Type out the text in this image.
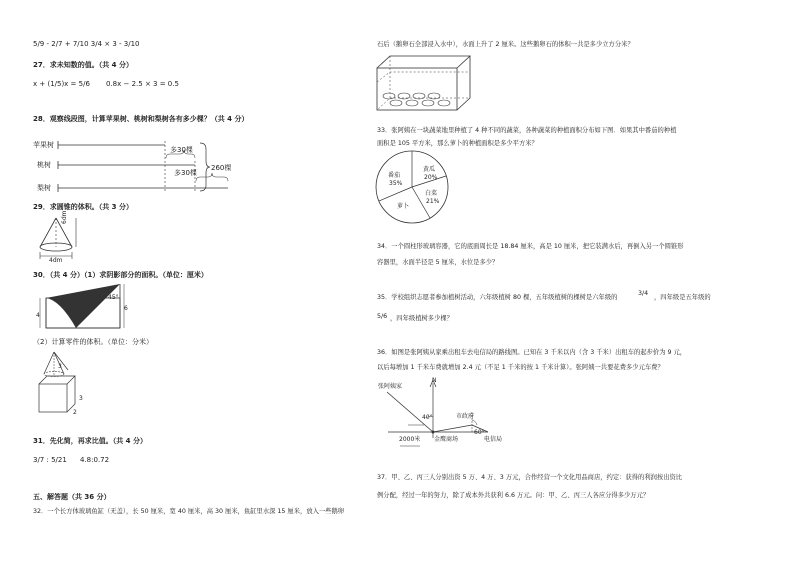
5/9 - 2/7 + 7/10 3/4 × 3 - 3/10
27．求未知数的值。（共 4 分）
x + (1/5)x = 5/6 0.8x − 2.5 × 3 = 0.5
28．观察线段图，计算苹果树、桃树和梨树各有多少棵？（共 4 分）
苹果树
桃树
梨树
多30棵
多30棵
260棵
29．求圆锥的体积。（共 3 分）
6dm
4dm
30．（共 4 分）（1）求阴影部分的面积。（单位：厘米）
4
6
45°
（2）计算零件的体积。（单位：分米）
3
3
2
31．先化简，再求比值。（共 4 分）
3/7 : 5/21 4.8:0.72
五、解答题（共 36 分）
32．一个长方体玻璃鱼缸（无盖），长 50 厘米，宽 40 厘米，高 30 厘米，鱼缸里水深 15 厘米，放入一些鹅卵
石后（鹅卵石全部浸入水中），水面上升了 2 厘米。这些鹅卵石的体积一共是多少立方分米？
33．张阿姨在一块蔬菜地里种植了 4 种不同的蔬菜，各种蔬菜的种植面积分布如下图．如果其中番茄的种植
面积是 105 平方米，那么萝卜的种植面积是多少平方米？
番茄
35%
黄瓜
20%
白菜
21%
萝卜
34．一个圆柱形玻璃容器，它的底面周长是 18.84 厘米，高是 10 厘米，把它装满水后，再倒入另一个圆锥形
容器里，水面半径是 5 厘米，水位是多少？
35．学校组织志愿者参加植树活动，六年级植树 80 棵，五年级植树的棵树是六年级的
3/4
，四年级是五年级的
5/6 ，四年级植树多少棵？
36．如图是张阿姨从家乘出租车去电信局的路线图。已知在 3 千米以内（含 3 千米）出租车的起步价为 9 元，
以后每增加 1 千米车费就增加 2.4 元（不足 1 千米的按 1 千米计算）。张阿姨一共要花费多少元车费？
张阿姨家
N
40°
60°
市政府
2000米 金鹰商场	电信局
37．甲、乙、丙三人分别出资 5 万、4 万、3 万元，合作经营一个文化用品商店，约定：获得的利润按出资比
例分配，经过一年的努力，除了成本外共获利 6.6 万元。问：甲、乙、丙三人各应分得多少万元？
